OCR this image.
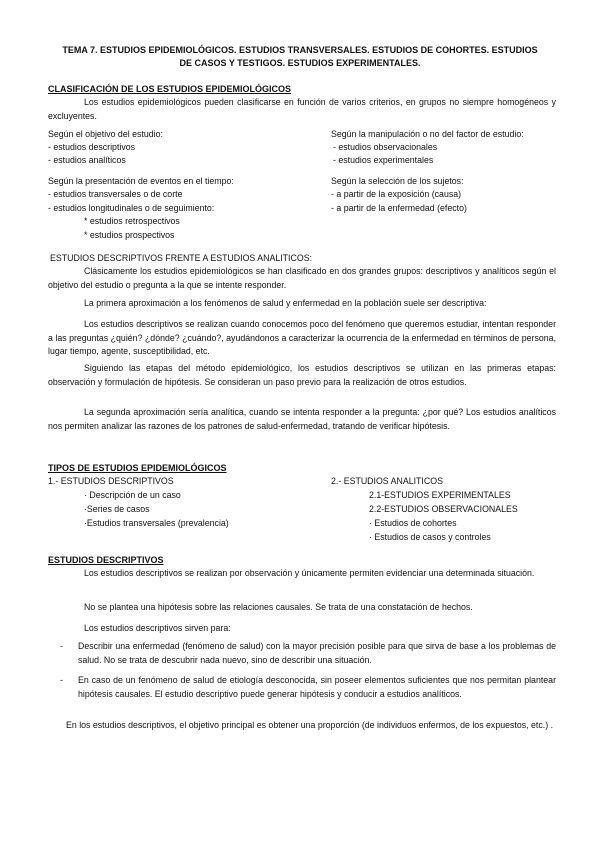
TEMA 7. ESTUDIOS EPIDEMIOLÓGICOS. ESTUDIOS TRANSVERSALES. ESTUDIOS DE COHORTES. ESTUDIOS
DE CASOS Y TESTIGOS. ESTUDIOS EXPERIMENTALES.
CLASIFICACIÓN DE LOS ESTUDIOS EPIDEMIOLÓGICOS
Los estudios epidemiológicos pueden clasificarse en función de varios criterios, en grupos no siempre homogéneos y excluyentes.
Según el objetivo del estudio:
- estudios descriptivos
- estudios analíticos
Según la manipulación o no del factor de estudio:
- estudios observacionales
- estudios experimentales
Según la presentación de eventos en el tiempo:
- estudios transversales o de corte
- estudios longitudinales o de seguimiento:
* estudios retrospectivos
* estudios prospectivos
Según la selección de los sujetos:
- a partir de la exposición (causa)
- a partir de la enfermedad (efecto)
ESTUDIOS DESCRIPTIVOS FRENTE A ESTUDIOS ANALITICOS:
Clásicamente los estudios epidemiológicos se han clasificado en dos grandes grupos: descriptivos y analíticos según el objetivo del estudio o pregunta a la que se intente responder.
La primera aproximación a los fenómenos de salud y enfermedad en la población suele ser descriptiva:
Los estudios descriptivos se realizan cuando conocemos poco del fenómeno que queremos estudiar, intentan responder a las preguntas ¿quién? ¿dónde? ¿cuándo?, ayudándonos a caracterizar la ocurrencia de la enfermedad en términos de persona, lugar tiempo, agente, susceptibilidad, etc.
Siguiendo las etapas del método epidemiológico, los estudios descriptivos se utilizan en las primeras etapas: observación y formulación de hipótesis. Se consideran un paso previo para la realización de otros estudios.
La segunda aproximación sería analítica, cuando se intenta responder a la pregunta: ¿por qué? Los estudios analíticos nos permiten analizar las razones de los patrones de salud-enfermedad, tratando de verificar hipótesis.
TIPOS DE ESTUDIOS EPIDEMIOLÓGICOS
1.- ESTUDIOS DESCRIPTIVOS
· Descripción de un caso
·Series de casos
·Estudios transversales (prevalencia)
2.- ESTUDIOS ANALITICOS
2.1-ESTUDIOS EXPERIMENTALES
2.2-ESTUDIOS OBSERVACIONALES
· Estudios de cohortes
· Estudios de casos y controles
ESTUDIOS DESCRIPTIVOS
Los estudios descriptivos se realizan por observación y únicamente permiten evidenciar una determinada situación.
No se plantea una hipótesis sobre las relaciones causales. Se trata de una constatación de hechos.
Los estudios descriptivos sirven para:
- Describir una enfermedad (fenómeno de salud) con la mayor precisión posible para que sirva de base a los problemas de salud. No se trata de descubrir nada nuevo, sino de describir una situación.
- En caso de un fenómeno de salud de etiología desconocida, sin poseer elementos suficientes que nos permitan plantear hipótesis causales. El estudio descriptivo puede generar hipótesis y conducir a estudios analíticos.
En los estudios descriptivos, el objetivo principal es obtener una proporción (de individuos enfermos, de los expuestos, etc.) .
